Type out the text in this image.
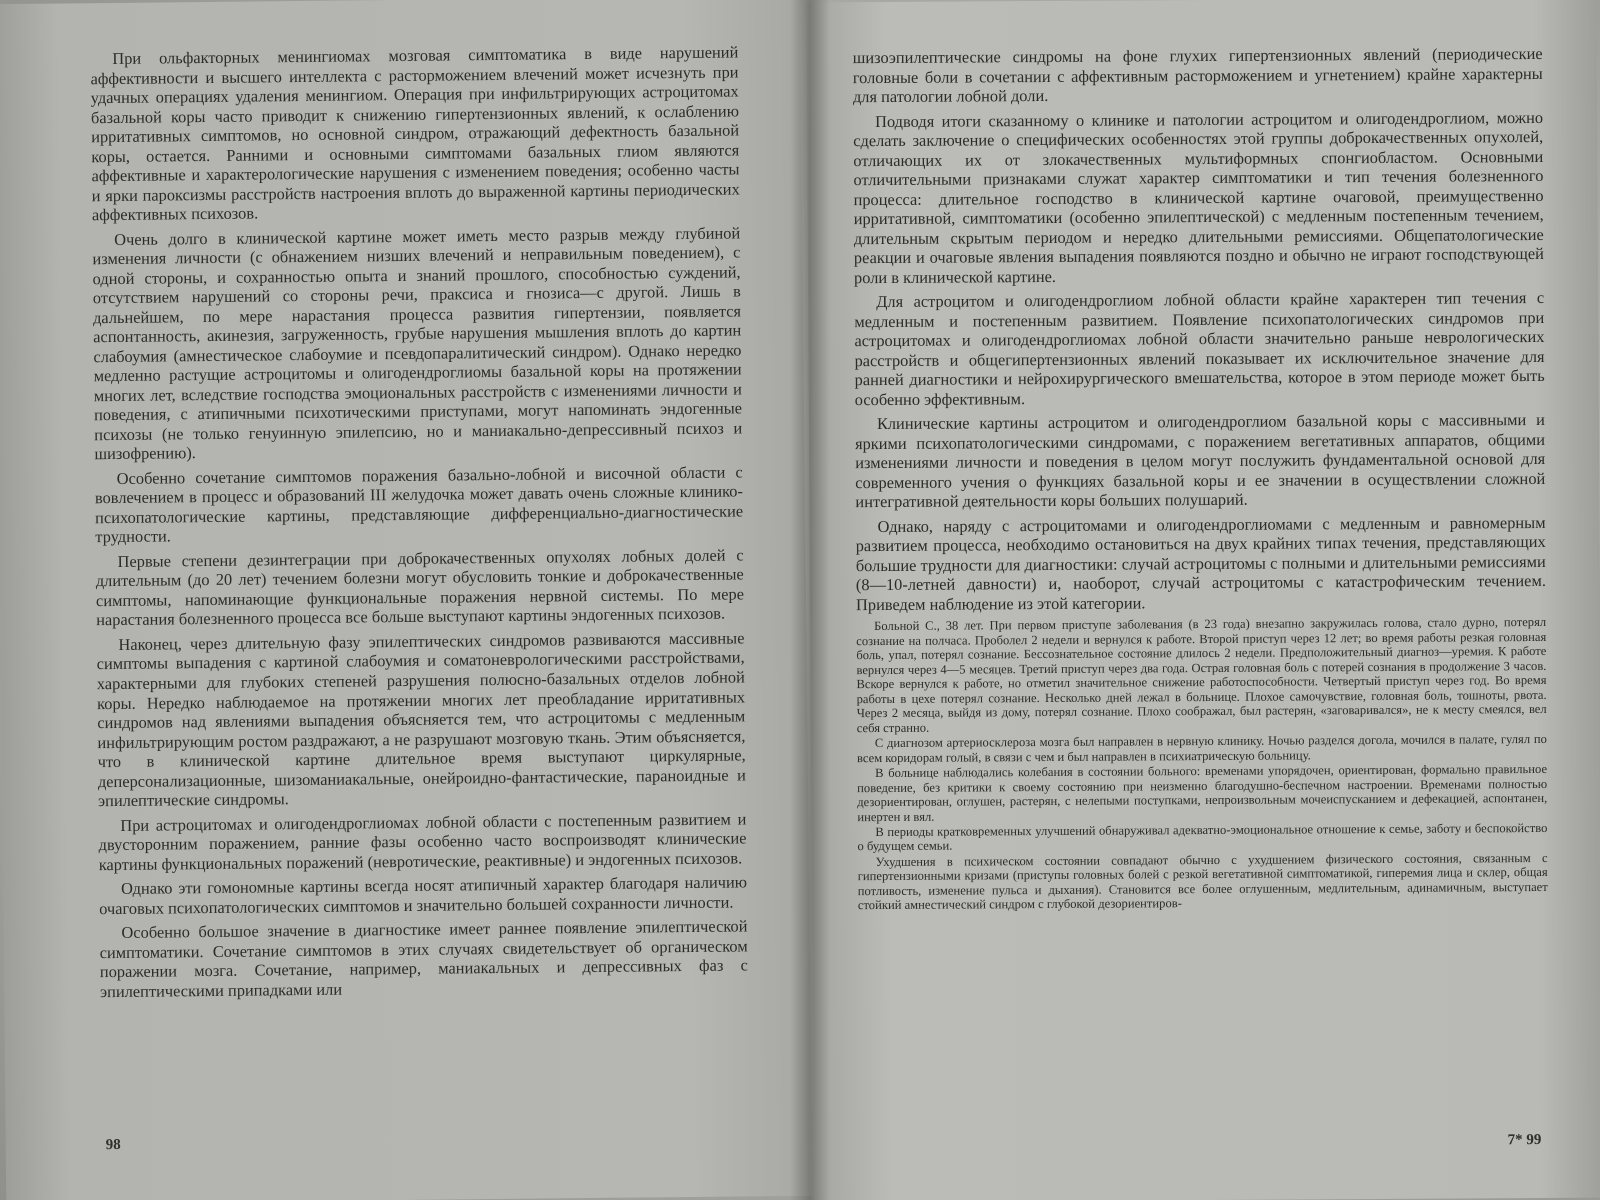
При ольфакторных менингиомах мозговая симптоматика в виде нарушений аффективности и высшего интеллекта с расторможением влечений может исчезнуть при удачных операциях удаления менингиом. Операция при инфильтрирующих астроцитомах базальной коры часто приводит к снижению гипертензионных явлений, к ослаблению ирритативных симптомов, но основной синдром, отражающий дефектность базальной коры, остается. Ранними и основными симптомами базальных глиом являются аффективные и характерологические нарушения с изменением поведения; особенно часты и ярки пароксизмы расстройств настроения вплоть до выраженной картины периодических аффективных психозов.

Очень долго в клинической картине может иметь место разрыв между глубиной изменения личности (с обнажением низших влечений и неправильным поведением), с одной стороны, и сохранностью опыта и знаний прошлого, способностью суждений, отсутствием нарушений со стороны речи, праксиса и гнозиса—с другой. Лишь в дальнейшем, по мере нарастания процесса развития гипертензии, появляется аспонтанность, акинезия, загруженность, грубые нарушения мышления вплоть до картин слабоумия (амнестическое слабоумие и псевдопаралитический синдром). Однако нередко медленно растущие астроцитомы и олигодендроглиомы базальной коры на протяжении многих лет, вследствие господства эмоциональных расстройств с изменениями личности и поведения, с атипичными психотическими приступами, могут напоминать эндогенные психозы (не только генуинную эпилепсию, но и маниакально-депрессивный психоз и шизофрению).

Особенно сочетание симптомов поражения базально-лобной и височной области с вовлечением в процесс и образований III желудочка может давать очень сложные клинико-психопатологические картины, представляющие дифференциально-диагностические трудности.

Первые степени дезинтеграции при доброкачественных опухолях лобных долей с длительным (до 20 лет) течением болезни могут обусловить тонкие и доброкачественные симптомы, напоминающие функциональные поражения нервной системы. По мере нарастания болезненного процесса все больше выступают картины эндогенных психозов.

Наконец, через длительную фазу эпилептических синдромов развиваются массивные симптомы выпадения с картиной слабоумия и соматоневрологическими расстройствами, характерными для глубоких степеней разрушения полюсно-базальных отделов лобной коры. Нередко наблюдаемое на протяжении многих лет преобладание ирритативных синдромов над явлениями выпадения объясняется тем, что астроцитомы с медленным инфильтрирующим ростом раздражают, а не разрушают мозговую ткань. Этим объясняется, что в клинической картине длительное время выступают циркулярные, деперсонализационные, шизоманиакальные, онейроидно-фантастические, параноидные и эпилептические синдромы.

При астроцитомах и олигодендроглиомах лобной области с постепенным развитием и двусторонним поражением, ранние фазы особенно часто воспроизводят клинические картины функциональных поражений (невротические, реактивные) и эндогенных психозов.

Однако эти гомономные картины всегда носят атипичный характер благодаря наличию очаговых психопатологических симптомов и значительно большей сохранности личности.

Особенно большое значение в диагностике имеет раннее появление эпилептической симптоматики. Сочетание симптомов в этих случаях свидетельствует об органическом поражении мозга. Сочетание, например, маниакальных и депрессивных фаз с эпилептическими припадками или

98

шизоэпилептические синдромы на фоне глухих гипертензионных явлений (периодические головные боли в сочетании с аффективным расторможением и угнетением) крайне характерны для патологии лобной доли.

Подводя итоги сказанному о клинике и патологии астроцитом и олигодендроглиом, можно сделать заключение о специфических особенностях этой группы доброкачественных опухолей, отличающих их от злокачественных мультиформных спонгиобластом. Основными отличительными признаками служат характер симптоматики и тип течения болезненного процесса: длительное господство в клинической картине очаговой, преимущественно ирритативной, симптоматики (особенно эпилептической) с медленным постепенным течением, длительным скрытым периодом и нередко длительными ремиссиями. Общепатологические реакции и очаговые явления выпадения появляются поздно и обычно не играют господствующей роли в клинической картине.

Для астроцитом и олигодендроглиом лобной области крайне характерен тип течения с медленным и постепенным развитием. Появление психопатологических синдромов при астроцитомах и олигодендроглиомах лобной области значительно раньше неврологических расстройств и общегипертензионных явлений показывает их исключительное значение для ранней диагностики и нейрохирургического вмешательства, которое в этом периоде может быть особенно эффективным.

Клинические картины астроцитом и олигодендроглиом базальной коры с массивными и яркими психопатологическими синдромами, с поражением вегетативных аппаратов, общими изменениями личности и поведения в целом могут послужить фундаментальной основой для современного учения о функциях базальной коры и ее значении в осуществлении сложной интегративной деятельности коры больших полушарий.

Однако, наряду с астроцитомами и олигодендроглиомами с медленным и равномерным развитием процесса, необходимо остановиться на двух крайних типах течения, представляющих большие трудности для диагностики: случай астроцитомы с полными и длительными ремиссиями (8—10-летней давности) и, наоборот, случай астроцитомы с катастрофическим течением. Приведем наблюдение из этой категории.

Больной С., 38 лет. При первом приступе заболевания (в 23 года) внезапно закружилась голова, стало дурно, потерял сознание на полчаса. Проболел 2 недели и вернулся к работе. Второй приступ через 12 лет; во время работы резкая головная боль, упал, потерял сознание. Бессознательное состояние длилось 2 недели. Предположительный диагноз—уремия. К работе вернулся через 4—5 месяцев. Третий приступ через два года. Острая головная боль с потерей сознания в продолжение 3 часов. Вскоре вернулся к работе, но отметил значительное снижение работоспособности. Четвертый приступ через год. Во время работы в цехе потерял сознание. Несколько дней лежал в больнице. Плохое самочувствие, головная боль, тошноты, рвота. Через 2 месяца, выйдя из дому, потерял сознание. Плохо соображал, был растерян, «заговаривался», не к месту смеялся, вел себя странно.

С диагнозом артериосклероза мозга был направлен в нервную клинику. Ночью разделся догола, мочился в палате, гулял по всем коридорам голый, в связи с чем и был направлен в психиатрическую больницу.

В больнице наблюдались колебания в состоянии больного: временами упорядочен, ориентирован, формально правильное поведение, без критики к своему состоянию при неизменно благодушно-беспечном настроении. Временами полностью дезориентирован, оглушен, растерян, с нелепыми поступками, непроизвольным мочеиспусканием и дефекацией, аспонтанен, инертен и вял.

В периоды кратковременных улучшений обнаруживал адекватно-эмоциональное отношение к семье, заботу и беспокойство о будущем семьи.

Ухудшения в психическом состоянии совпадают обычно с ухудшением физического состояния, связанным с гипертензионными кризами (приступы головных болей с резкой вегетативной симптоматикой, гиперемия лица и склер, общая потливость, изменение пульса и дыхания). Становится все более оглушенным, медлительным, адинамичным, выступает стойкий амнестический синдром с глубокой дезориентиров-

7* 99
